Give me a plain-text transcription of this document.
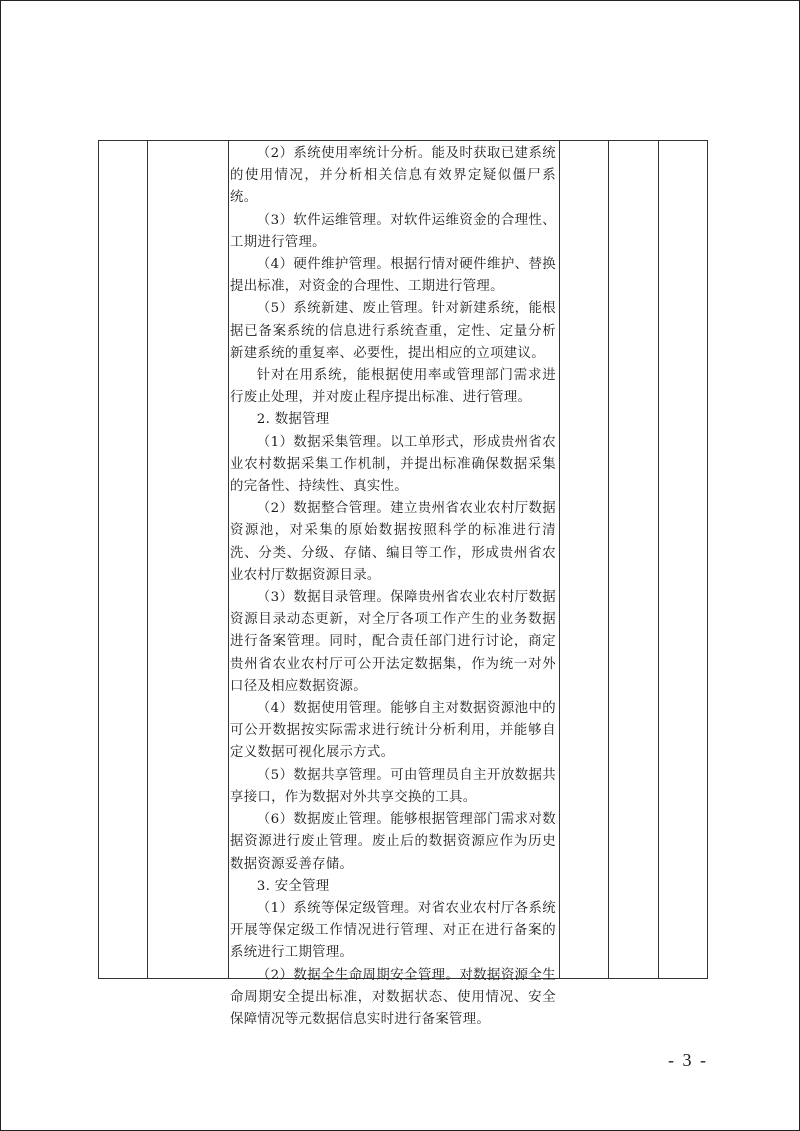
（2）系统使用率统计分析。能及时获取已建系统的使用情况，并分析相关信息有效界定疑似僵尸系统。

（3）软件运维管理。对软件运维资金的合理性、工期进行管理。

（4）硬件维护管理。根据行情对硬件维护、替换提出标准，对资金的合理性、工期进行管理。

（5）系统新建、废止管理。针对新建系统，能根据已备案系统的信息进行系统查重，定性、定量分析新建系统的重复率、必要性，提出相应的立项建议。

针对在用系统，能根据使用率或管理部门需求进行废止处理，并对废止程序提出标准、进行管理。

2. 数据管理

（1）数据采集管理。以工单形式，形成贵州省农业农村数据采集工作机制，并提出标准确保数据采集的完备性、持续性、真实性。

（2）数据整合管理。建立贵州省农业农村厅数据资源池，对采集的原始数据按照科学的标准进行清洗、分类、分级、存储、编目等工作，形成贵州省农业农村厅数据资源目录。

（3）数据目录管理。保障贵州省农业农村厅数据资源目录动态更新，对全厅各项工作产生的业务数据进行备案管理。同时，配合责任部门进行讨论，商定贵州省农业农村厅可公开法定数据集，作为统一对外口径及相应数据资源。

（4）数据使用管理。能够自主对数据资源池中的可公开数据按实际需求进行统计分析利用，并能够自定义数据可视化展示方式。

（5）数据共享管理。可由管理员自主开放数据共享接口，作为数据对外共享交换的工具。

（6）数据废止管理。能够根据管理部门需求对数据资源进行废止管理。废止后的数据资源应作为历史数据资源妥善存储。

3. 安全管理

（1）系统等保定级管理。对省农业农村厅各系统开展等保定级工作情况进行管理、对正在进行备案的系统进行工期管理。

（2）数据全生命周期安全管理。对数据资源全生命周期安全提出标准，对数据状态、使用情况、安全保障情况等元数据信息实时进行备案管理。

- 3 -
